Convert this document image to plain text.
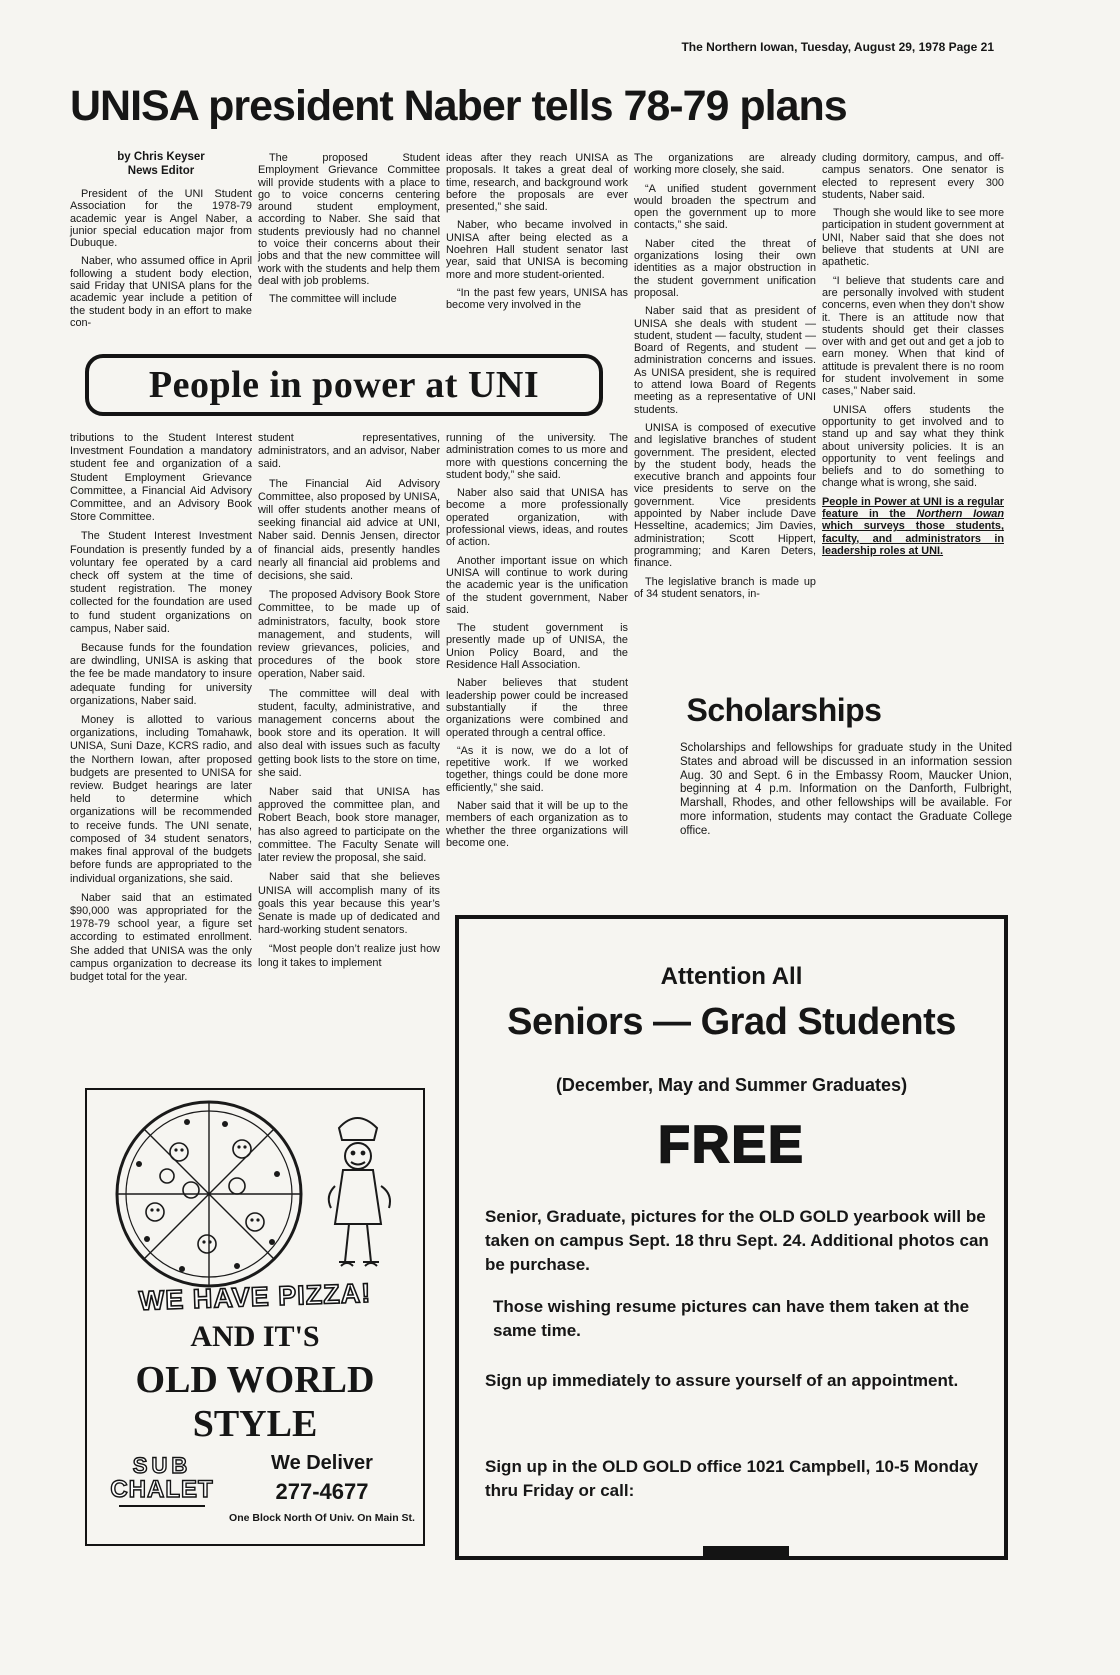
The Northern Iowan, Tuesday, August 29, 1978 Page 21
UNISA president Naber tells 78-79 plans
by Chris Keyser
News Editor

President of the UNI Student Association for the 1978-79 academic year is Angel Naber, a junior special education major from Dubuque.

Naber, who assumed office in April following a student body election, said Friday that UNISA plans for the academic year include a petition of the student body in an effort to make con-

The proposed Student Employment Grievance Committee will provide students with a place to go to voice concerns centering around student employment, according to Naber. She said that students previously had no channel to voice their concerns about their jobs and that the new committee will work with the students and help them deal with job problems.

The committee will include

ideas after they reach UNISA as proposals. It takes a great deal of time, research, and background work before the proposals are ever presented,” she said.

Naber, who became involved in UNISA after being elected as a Noehren Hall student senator last year, said that UNISA is becoming more and more student-oriented.

“In the past few years, UNISA has become very involved in the

The organizations are already working more closely, she said.

“A unified student government would broaden the spectrum and open the government up to more contacts,” she said.

Naber cited the threat of organizations losing their own identities as a major obstruction in the student government unification proposal.

Naber said that as president of UNISA she deals with student — student, student — faculty, student — Board of Regents, and student — administration concerns and issues. As UNISA president, she is required to attend Iowa Board of Regents meeting as a representative of UNI students.

UNISA is composed of executive and legislative branches of student government. The president, elected by the student body, heads the executive branch and appoints four vice presidents to serve on the government. Vice presidents appointed by Naber include Dave Hesseltine, academics; Jim Davies, administration; Scott Hippert, programming; and Karen Deters, finance.

The legislative branch is made up of 34 student senators, in-

cluding dormitory, campus, and off-campus senators. One senator is elected to represent every 300 students, Naber said.

Though she would like to see more participation in student government at UNI, Naber said that she does not believe that students at UNI are apathetic.

“I believe that students care and are personally involved with student concerns, even when they don’t show it. There is an attitude now that students should get their classes over with and get out and get a job to earn money. When that kind of attitude is prevalent there is no room for student involvement in some cases,” Naber said.

UNISA offers students the opportunity to get involved and to stand up and say what they think about university policies. It is an opportunity to vent feelings and beliefs and to do something to change what is wrong, she said.

People in Power at UNI is a regular feature in the Northern Iowan which surveys those students, faculty, and administrators in leadership roles at UNI.

People in power at UNI

tributions to the Student Interest Investment Foundation a mandatory student fee and organization of a Student Employment Grievance Committee, a Financial Aid Advisory Committee, and an Advisory Book Store Committee.

The Student Interest Investment Foundation is presently funded by a voluntary fee operated by a card check off system at the time of student registration. The money collected for the foundation are used to fund student organizations on campus, Naber said.

Because funds for the foundation are dwindling, UNISA is asking that the fee be made mandatory to insure adequate funding for university organizations, Naber said.

Money is allotted to various organizations, including Tomahawk, UNISA, Suni Daze, KCRS radio, and the Northern Iowan, after proposed budgets are presented to UNISA for review. Budget hearings are later held to determine which organizations will be recommended to receive funds. The UNI senate, composed of 34 student senators, makes final approval of the budgets before funds are appropriated to the individual organizations, she said.

Naber said that an estimated $90,000 was appropriated for the 1978-79 school year, a figure set according to estimated enrollment. She added that UNISA was the only campus organization to decrease its budget total for the year.

student representatives, administrators, and an advisor, Naber said.

The Financial Aid Advisory Committee, also proposed by UNISA, will offer students another means of seeking financial aid advice at UNI, Naber said. Dennis Jensen, director of financial aids, presently handles nearly all financial aid problems and decisions, she said.

The proposed Advisory Book Store Committee, to be made up of administrators, faculty, book store management, and students, will review grievances, policies, and procedures of the book store operation, Naber said.

The committee will deal with student, faculty, administrative, and management concerns about the book store and its operation. It will also deal with issues such as faculty getting book lists to the store on time, she said.

Naber said that UNISA has approved the committee plan, and Robert Beach, book store manager, has also agreed to participate on the committee. The Faculty Senate will later review the proposal, she said.

Naber said that she believes UNISA will accomplish many of its goals this year because this year’s Senate is made up of dedicated and hard-working student senators.

“Most people don’t realize just how long it takes to implement

running of the university. The administration comes to us more and more with questions concerning the student body,” she said.

Naber also said that UNISA has become a more professionally operated organization, with professional views, ideas, and routes of action.

Another important issue on which UNISA will continue to work during the academic year is the unification of the student government, Naber said.

The student government is presently made up of UNISA, the Union Policy Board, and the Residence Hall Association.

Naber believes that student leadership power could be increased substantially if the three organizations were combined and operated through a central office.

“As it is now, we do a lot of repetitive work. If we worked together, things could be done more efficiently,” she said.

Naber said that it will be up to the members of each organization as to whether the three organizations will become one.

Scholarships
Scholarships and fellowships for graduate study in the United States and abroad will be discussed in an information session Aug. 30 and Sept. 6 in the Embassy Room, Maucker Union, beginning at 4 p.m. Information on the Danforth, Fulbright, Marshall, Rhodes, and other fellowships will be available. For more information, students may contact the Graduate College office.
Attention All
Seniors — Grad Students
(December, May and Summer Graduates)
FREE
Senior, Graduate, pictures for the OLD GOLD yearbook will be taken on campus Sept. 18 thru Sept. 24. Additional photos can be purchase.
Those wishing resume pictures can have them taken at the same time.
Sign up immediately to assure yourself of an appointment.
Sign up in the OLD GOLD office 1021 Campbell, 10-5 Monday thru Friday or call:
WE HAVE PIZZA!
AND IT'S
OLD WORLD
STYLE
SUB
CHALET
We Deliver
277-4677
One Block North Of Univ. On Main St.
